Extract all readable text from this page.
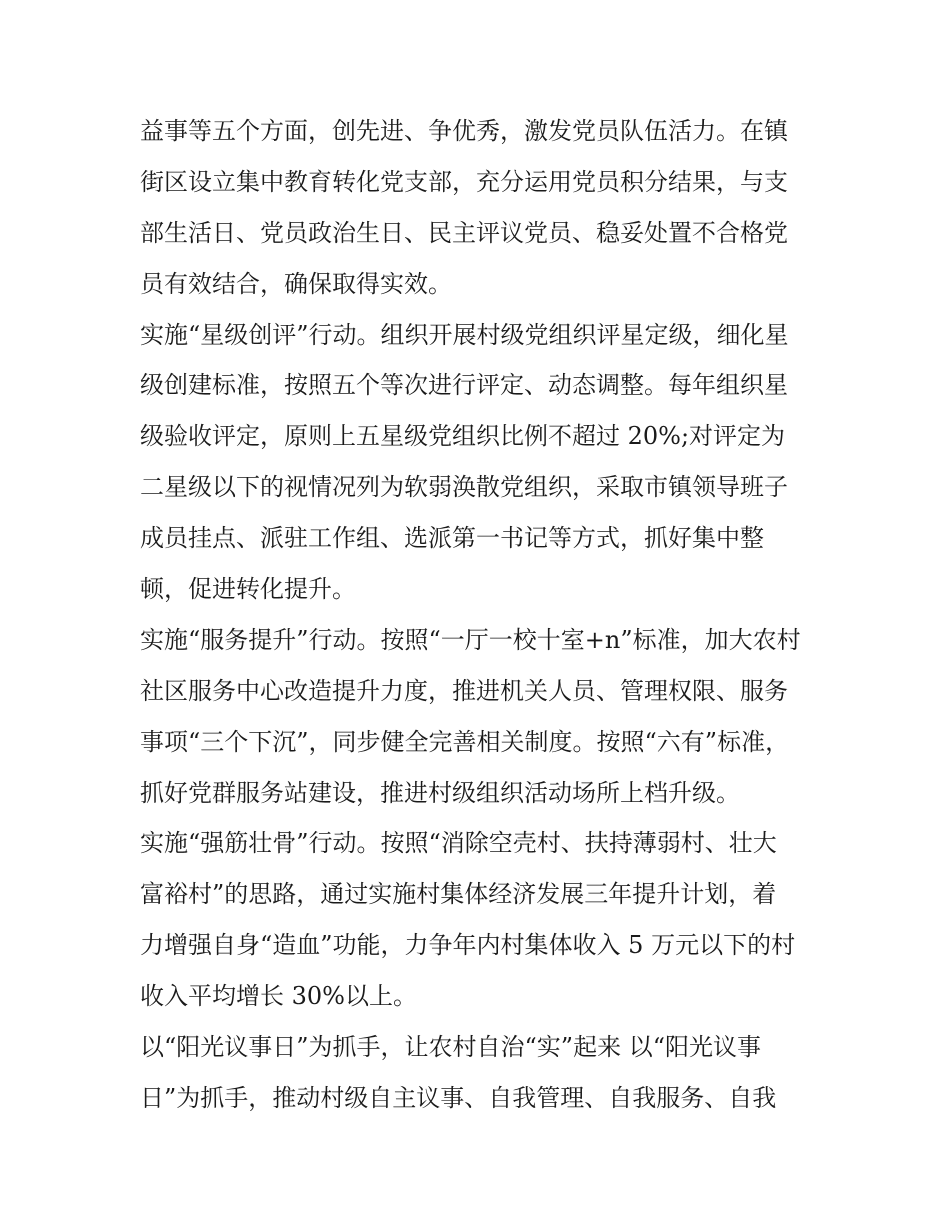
益事等五个方面，创先进、争优秀，激发党员队伍活力。在镇
街区设立集中教育转化党支部，充分运用党员积分结果，与支
部生活日、党员政治生日、民主评议党员、稳妥处置不合格党
员有效结合，确保取得实效。
实施“星级创评”行动。组织开展村级党组织评星定级，细化星
级创建标准，按照五个等次进行评定、动态调整。每年组织星
级验收评定，原则上五星级党组织比例不超过 20%;对评定为
二星级以下的视情况列为软弱涣散党组织，采取市镇领导班子
成员挂点、派驻工作组、选派第一书记等方式，抓好集中整
顿，促进转化提升。
实施“服务提升”行动。按照“一厅一校十室+n”标准，加大农村
社区服务中心改造提升力度，推进机关人员、管理权限、服务
事项“三个下沉”，同步健全完善相关制度。按照“六有”标准，
抓好党群服务站建设，推进村级组织活动场所上档升级。
实施“强筋壮骨”行动。按照“消除空壳村、扶持薄弱村、壮大
富裕村”的思路，通过实施村集体经济发展三年提升计划，着
力增强自身“造血”功能，力争年内村集体收入 5 万元以下的村
收入平均增长 30%以上。
以“阳光议事日”为抓手，让农村自治“实”起来 以“阳光议事
日”为抓手，推动村级自主议事、自我管理、自我服务、自我
